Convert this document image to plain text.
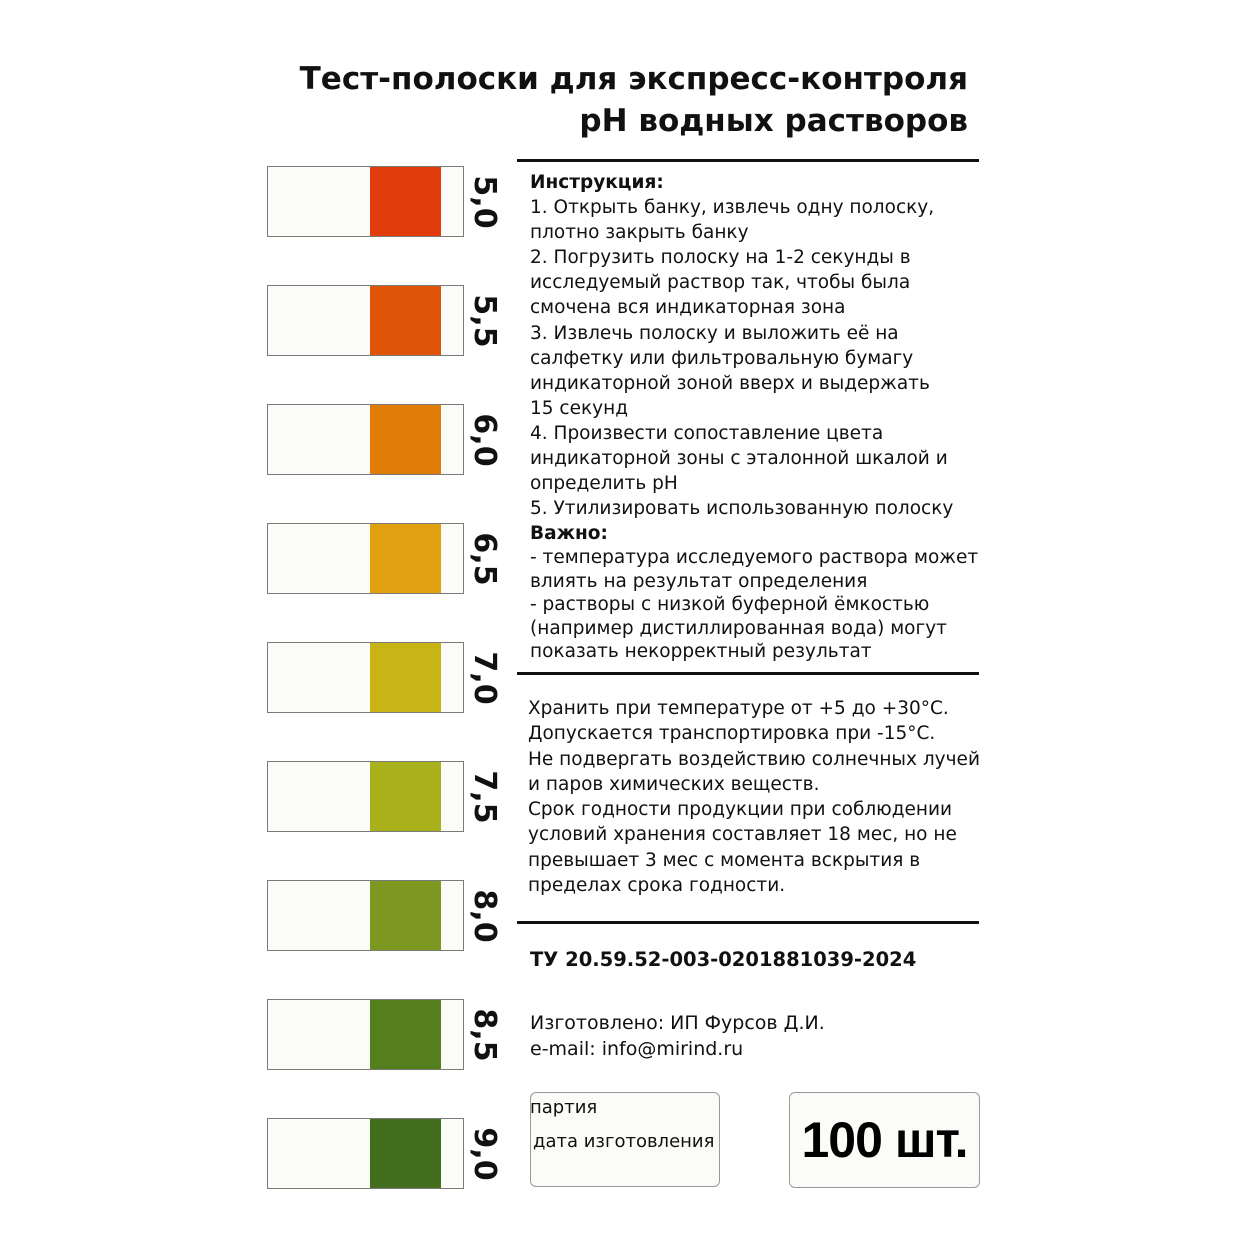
Тест-полоски для экспресс-контроля
pH водных растворов
5,0
5,5
6,0
6,5
7,0
7,5
8,0
8,5
9,0
Инструкция:
1. Открыть банку, извлечь одну полоску,
плотно закрыть банку
2. Погрузить полоску на 1-2 секунды в
исследуемый раствор так, чтобы была
смочена вся индикаторная зона
3. Извлечь полоску и выложить её на
салфетку или фильтровальную бумагу
индикаторной зоной вверх и выдержать
15 секунд
4. Произвести сопоставление цвета
индикаторной зоны с эталонной шкалой и
определить pH
5. Утилизировать использованную полоску
Важно:
- температура исследуемого раствора может
влиять на результат определения
- растворы с низкой буферной ёмкостью
(например дистиллированная вода) могут
показать некорректный результат
Хранить при температуре от +5 до +30°С.
Допускается транспортировка при -15°С.
Не подвергать воздействию солнечных лучей
и паров химических веществ.
Срок годности продукции при соблюдении
условий хранения составляет 18 мес, но не
превышает 3 мес с момента вскрытия в
пределах срока годности.
ТУ 20.59.52-003-0201881039-2024
Изготовлено: ИП Фурсов Д.И.
e-mail: info@mirind.ru
партия
дата изготовления 100 шт.
